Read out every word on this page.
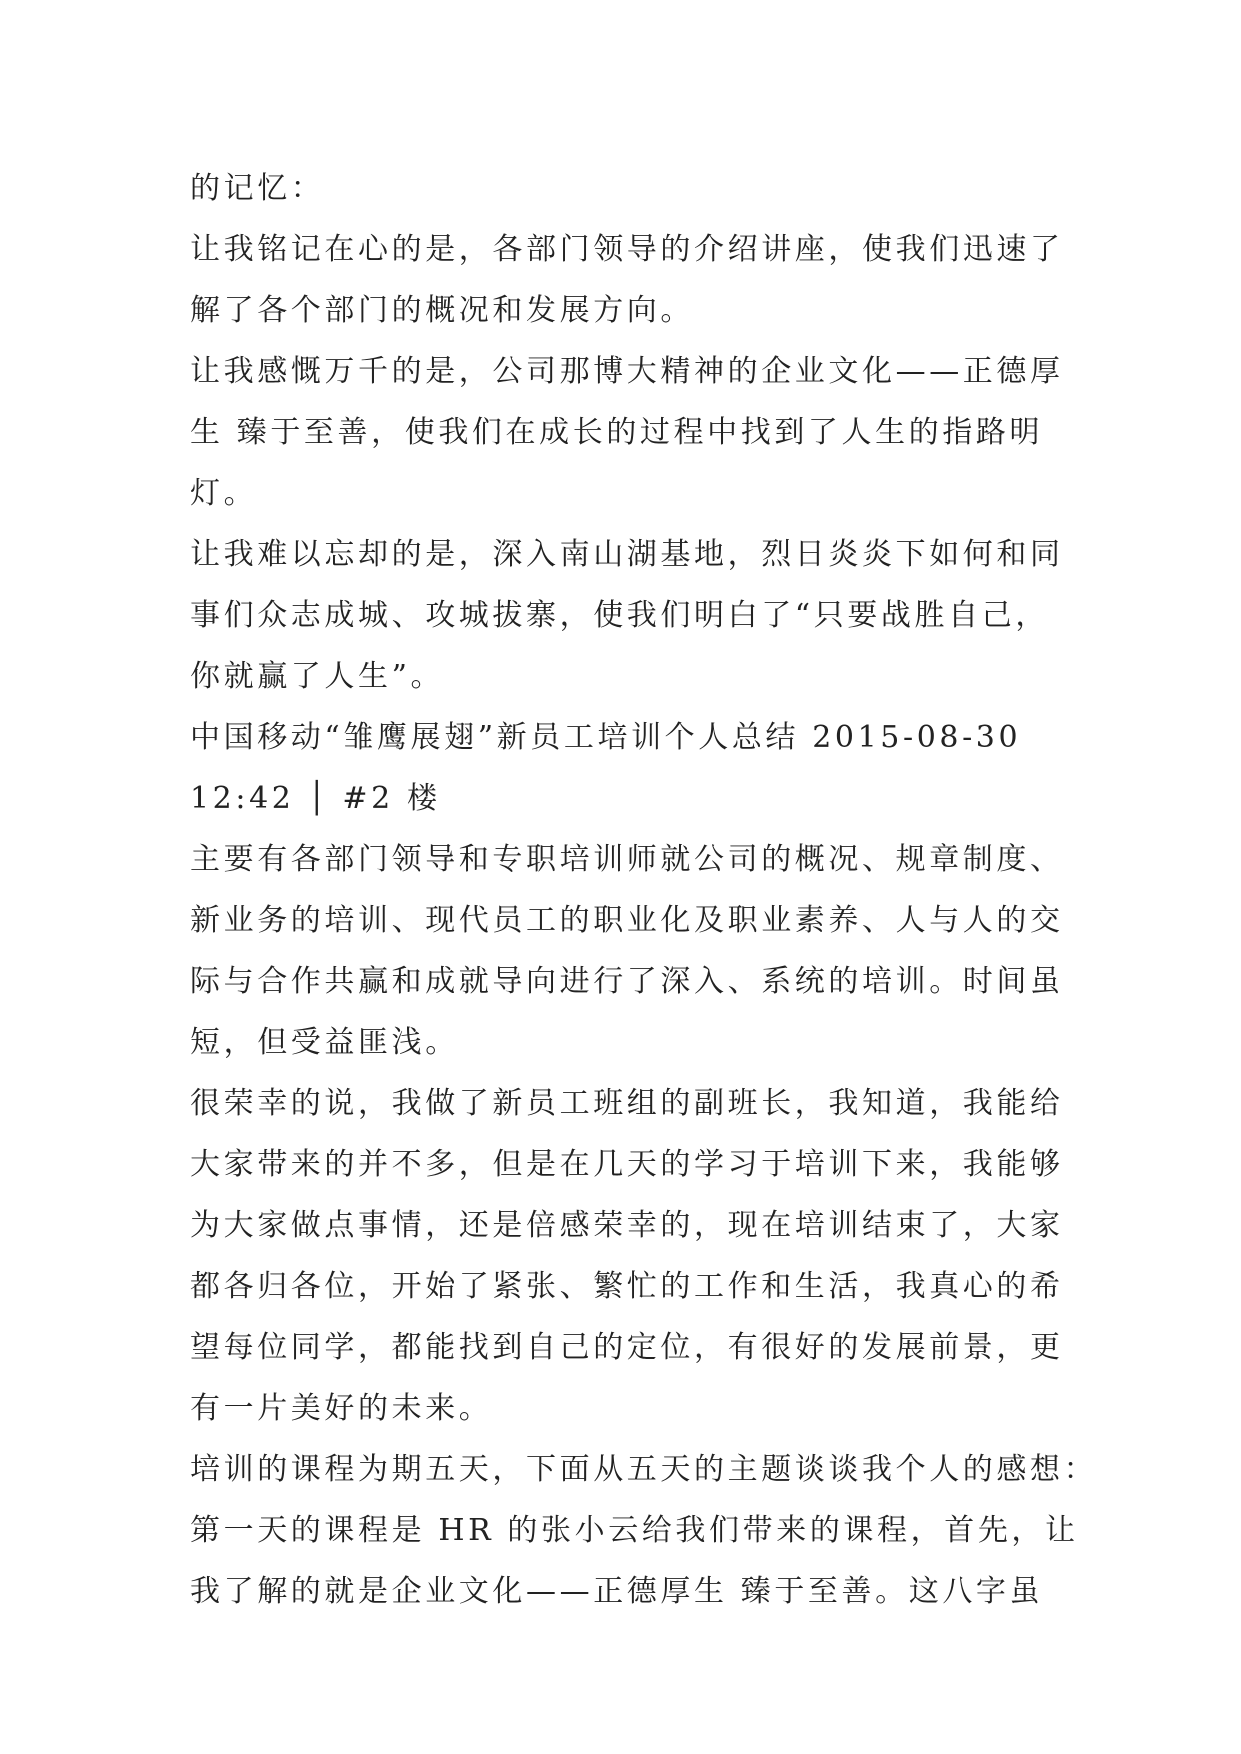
的记忆：
让我铭记在心的是，各部门领导的介绍讲座，使我们迅速了
解了各个部门的概况和发展方向。
让我感慨万千的是，公司那博大精神的企业文化——正德厚
生 臻于至善，使我们在成长的过程中找到了人生的指路明
灯。
让我难以忘却的是，深入南山湖基地，烈日炎炎下如何和同
事们众志成城、攻城拔寨，使我们明白了“只要战胜自己，
你就赢了人生”。
中国移动“雏鹰展翅”新员工培训个人总结 2015-08-30
12:42 │ #2 楼
主要有各部门领导和专职培训师就公司的概况、规章制度、
新业务的培训、现代员工的职业化及职业素养、人与人的交
际与合作共赢和成就导向进行了深入、系统的培训。时间虽
短，但受益匪浅。
很荣幸的说，我做了新员工班组的副班长，我知道，我能给
大家带来的并不多，但是在几天的学习于培训下来，我能够
为大家做点事情，还是倍感荣幸的，现在培训结束了，大家
都各归各位，开始了紧张、繁忙的工作和生活，我真心的希
望每位同学，都能找到自己的定位，有很好的发展前景，更
有一片美好的未来。
培训的课程为期五天，下面从五天的主题谈谈我个人的感想：
第一天的课程是 HR 的张小云给我们带来的课程，首先，让
我了解的就是企业文化——正德厚生 臻于至善。这八字虽
